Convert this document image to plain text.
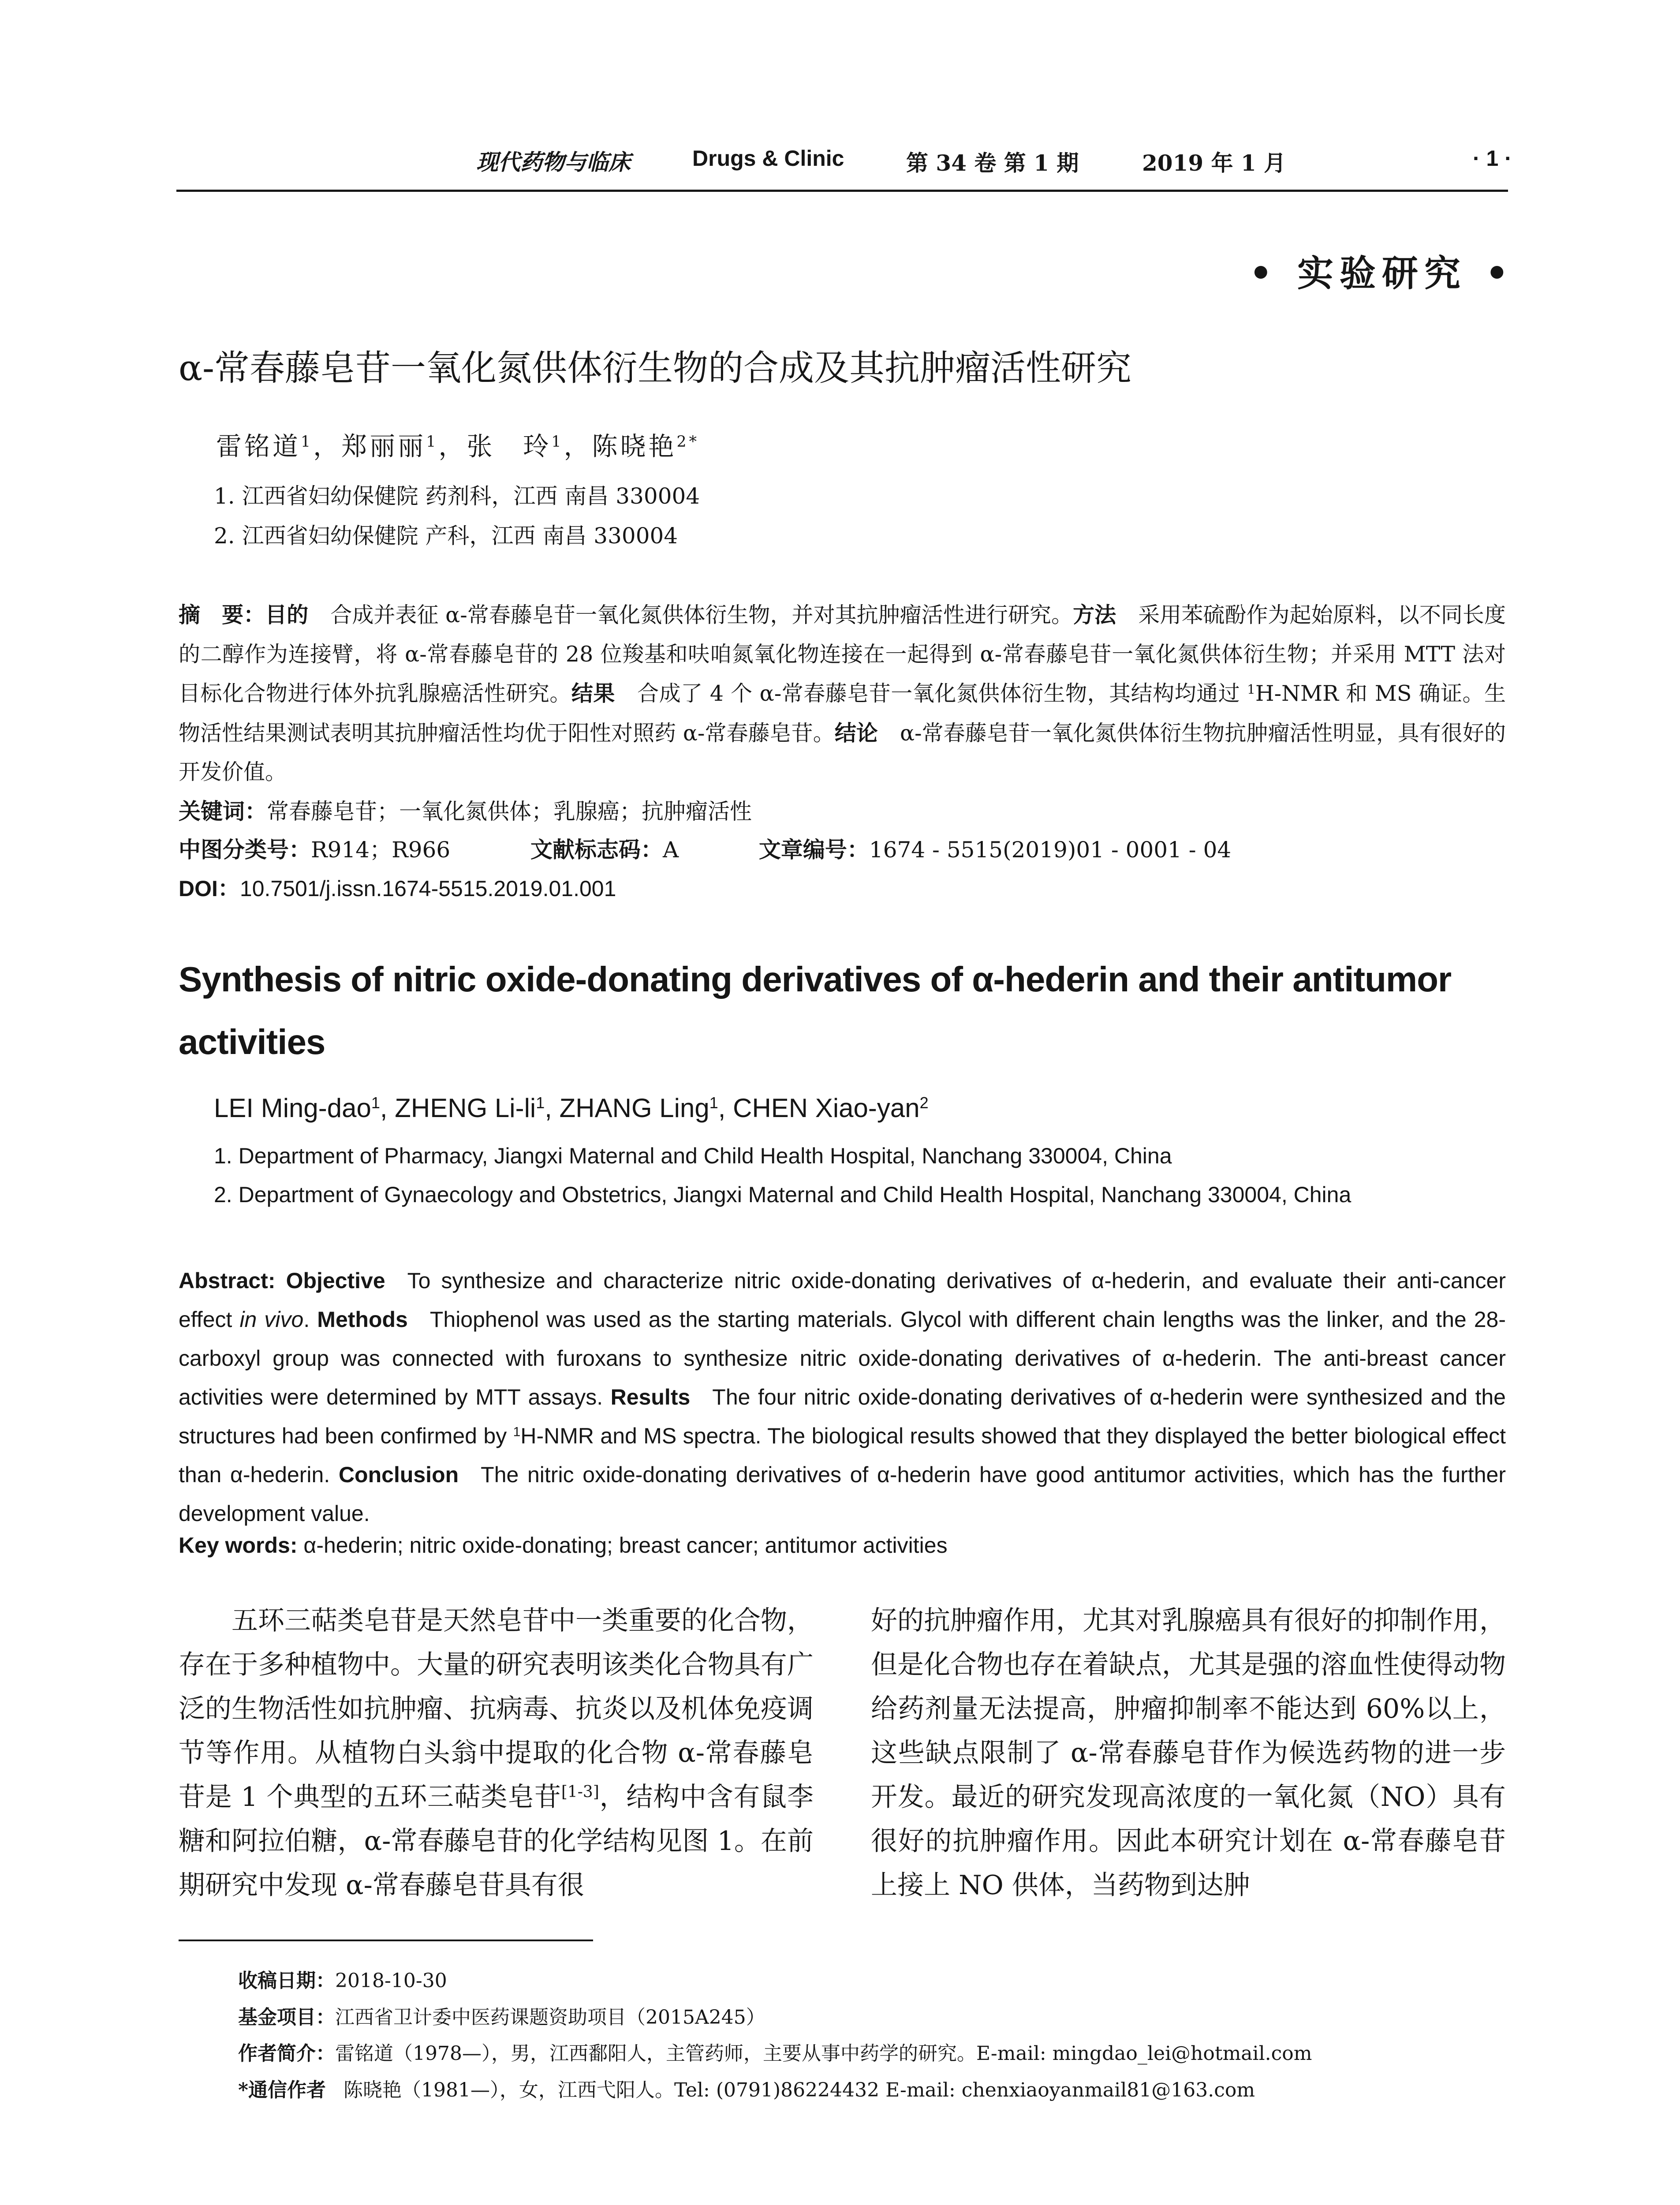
现代药物与临床	Drugs & Clinic	第 34 卷 第 1 期	2019 年 1 月	· 1 ·
• 实验研究 •
α-常春藤皂苷一氧化氮供体衍生物的合成及其抗肿瘤活性研究
雷铭道$^1$，郑丽丽$^1$，张　玲$^1$，陈晓艳$^{2*}$
1. 江西省妇幼保健院 药剂科，江西 南昌 330004
2. 江西省妇幼保健院 产科，江西 南昌 330004
摘　要：目的 合成并表征 α-常春藤皂苷一氧化氮供体衍生物，并对其抗肿瘤活性进行研究。方法 采用苯硫酚作为起始原料，以不同长度的二醇作为连接臂，将 α-常春藤皂苷的 28 位羧基和呋咱氮氧化物连接在一起得到 α-常春藤皂苷一氧化氮供体衍生物；并采用 MTT 法对目标化合物进行体外抗乳腺癌活性研究。结果 合成了 4 个 α-常春藤皂苷一氧化氮供体衍生物，其结构均通过 $^1$H-NMR 和 MS 确证。生物活性结果测试表明其抗肿瘤活性均优于阳性对照药 α-常春藤皂苷。结论 α-常春藤皂苷一氧化氮供体衍生物抗肿瘤活性明显，具有很好的开发价值。
关键词：常春藤皂苷；一氧化氮供体；乳腺癌；抗肿瘤活性
中图分类号：R914；R966	文献标志码：A	文章编号：1674 - 5515(2019)01 - 0001 - 04
DOI：10.7501/j.issn.1674-5515.2019.01.001
Synthesis of nitric oxide-donating derivatives of α-hederin and their antitumor activities
LEI Ming-dao$^1$, ZHENG $Li-li^1$, ZHANG Ling$^1$, CHEN Xiao-yan$^2$
1. Department of Pharmacy, Jiangxi Maternal and Child Health Hospital, Nanchang 330004, China
2. Department of Gynaecology and Obstetrics, Jiangxi Maternal and Child Health Hospital, Nanchang 330004, China
Abstract: Objective To synthesize and characterize nitric oxide-donating derivatives of α-hederin, and evaluate their anti-cancer effect in vivo. Methods Thiophenol was used as the starting materials. Glycol with different chain lengths was the linker, and the 28-carboxyl group was connected with furoxans to synthesize nitric oxide-donating derivatives of α-hederin. The anti-breast cancer activities were determined by MTT assays. Results The four nitric oxide-donating derivatives of α-hederin were synthesized and the structures had been confirmed by $^1$H-NMR and MS spectra. The biological results showed that they displayed the better biological effect than α-hederin. Conclusion The nitric oxide-donating derivatives of α-hederin have good antitumor activities, which has the further development value.
Key words: α-hederin; nitric oxide-donating; breast cancer; antitumor activities
五环三萜类皂苷是天然皂苷中一类重要的化合物，存在于多种植物中。大量的研究表明该类化合物具有广泛的生物活性如抗肿瘤、抗病毒、抗炎以及机体免疫调节等作用。从植物白头翁中提取的化合物 α-常春藤皂苷是 1 个典型的五环三萜类皂苷[1-3]，结构中含有鼠李糖和阿拉伯糖，α-常春藤皂苷的化学结构见图 1。在前期研究中发现 α-常春藤皂苷具有很
好的抗肿瘤作用，尤其对乳腺癌具有很好的抑制作用，但是化合物也存在着缺点，尤其是强的溶血性使得动物给药剂量无法提高，肿瘤抑制率不能达到 60%以上，这些缺点限制了 α-常春藤皂苷作为候选药物的进一步开发。最近的研究发现高浓度的一氧化氮（NO）具有很好的抗肿瘤作用。因此本研究计划在 α-常春藤皂苷上接上 NO 供体，当药物到达肿
收稿日期：2018-10-30
基金项目：江西省卫计委中医药课题资助项目（2015A245）
作者简介：雷铭道（1978—），男，江西鄱阳人，主管药师，主要从事中药学的研究。E-mail: mingdao_lei@hotmail.com
*通信作者 陈晓艳（1981—），女，江西弋阳人。Tel: (0791)86224432 E-mail: chenxiaoyanmail81@163.com
